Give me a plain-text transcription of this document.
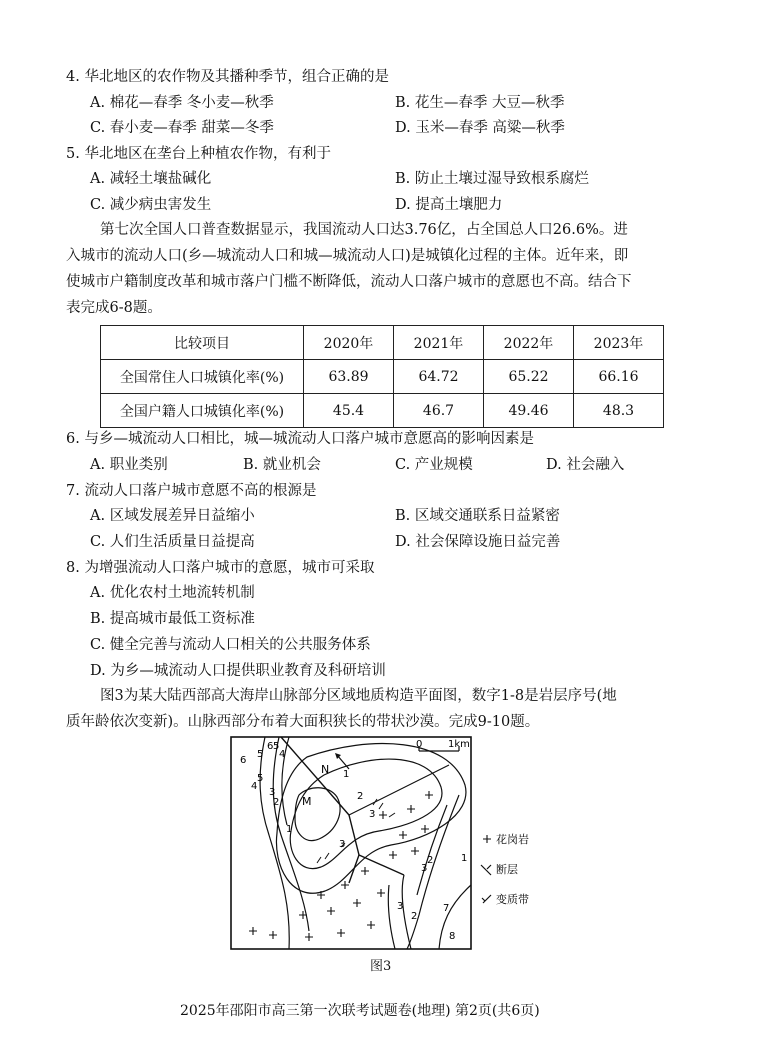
4. 华北地区的农作物及其播种季节，组合正确的是
A. 棉花—春季 冬小麦—秋季	B. 花生—春季 大豆—秋季
C. 春小麦—春季 甜菜—冬季	D. 玉米—春季 高粱—秋季
5. 华北地区在垄台上种植农作物，有利于
A. 减轻土壤盐碱化	B. 防止土壤过湿导致根系腐烂
C. 减少病虫害发生	D. 提高土壤肥力
第七次全国人口普查数据显示，我国流动人口达3.76亿，占全国总人口26.6%。进
入城市的流动人口(乡—城流动人口和城—城流动人口)是城镇化过程的主体。近年来，即
使城市户籍制度改革和城市落户门槛不断降低，流动人口落户城市的意愿也不高。结合下
表完成6-8题。
比较项目	2020年	2021年	2022年	2023年
全国常住人口城镇化率(%)	63.89	64.72	65.22	66.16
全国户籍人口城镇化率(%)	45.4	46.7	49.46	48.3
6. 与乡—城流动人口相比，城—城流动人口落户城市意愿高的影响因素是
A. 职业类别	B. 就业机会	C. 产业规模	D. 社会融入
7. 流动人口落户城市意愿不高的根源是
A. 区域发展差异日益缩小	B. 区域交通联系日益紧密
C. 人们生活质量日益提高	D. 社会保障设施日益完善
8. 为增强流动人口落户城市的意愿，城市可采取
A. 优化农村土地流转机制
B. 提高城市最低工资标准
C. 健全完善与流动人口相关的公共服务体系
D. 为乡—城流动人口提供职业教育及科研培训
图3为某大陆西部高大海岸山脉部分区域地质构造平面图，数字1-8是岩层序号(地
质年龄依次变新)。山脉西部分布着大面积狭长的带状沙漠。完成9-10题。
0	1km
N
M
6
6
5
5
5
4
4
3
3
3
3
3
2
2
2
2
1
1
1
7
8
花岗岩
断层
变质带
图3
2025年邵阳市高三第一次联考试题卷(地理) 第2页(共6页)
